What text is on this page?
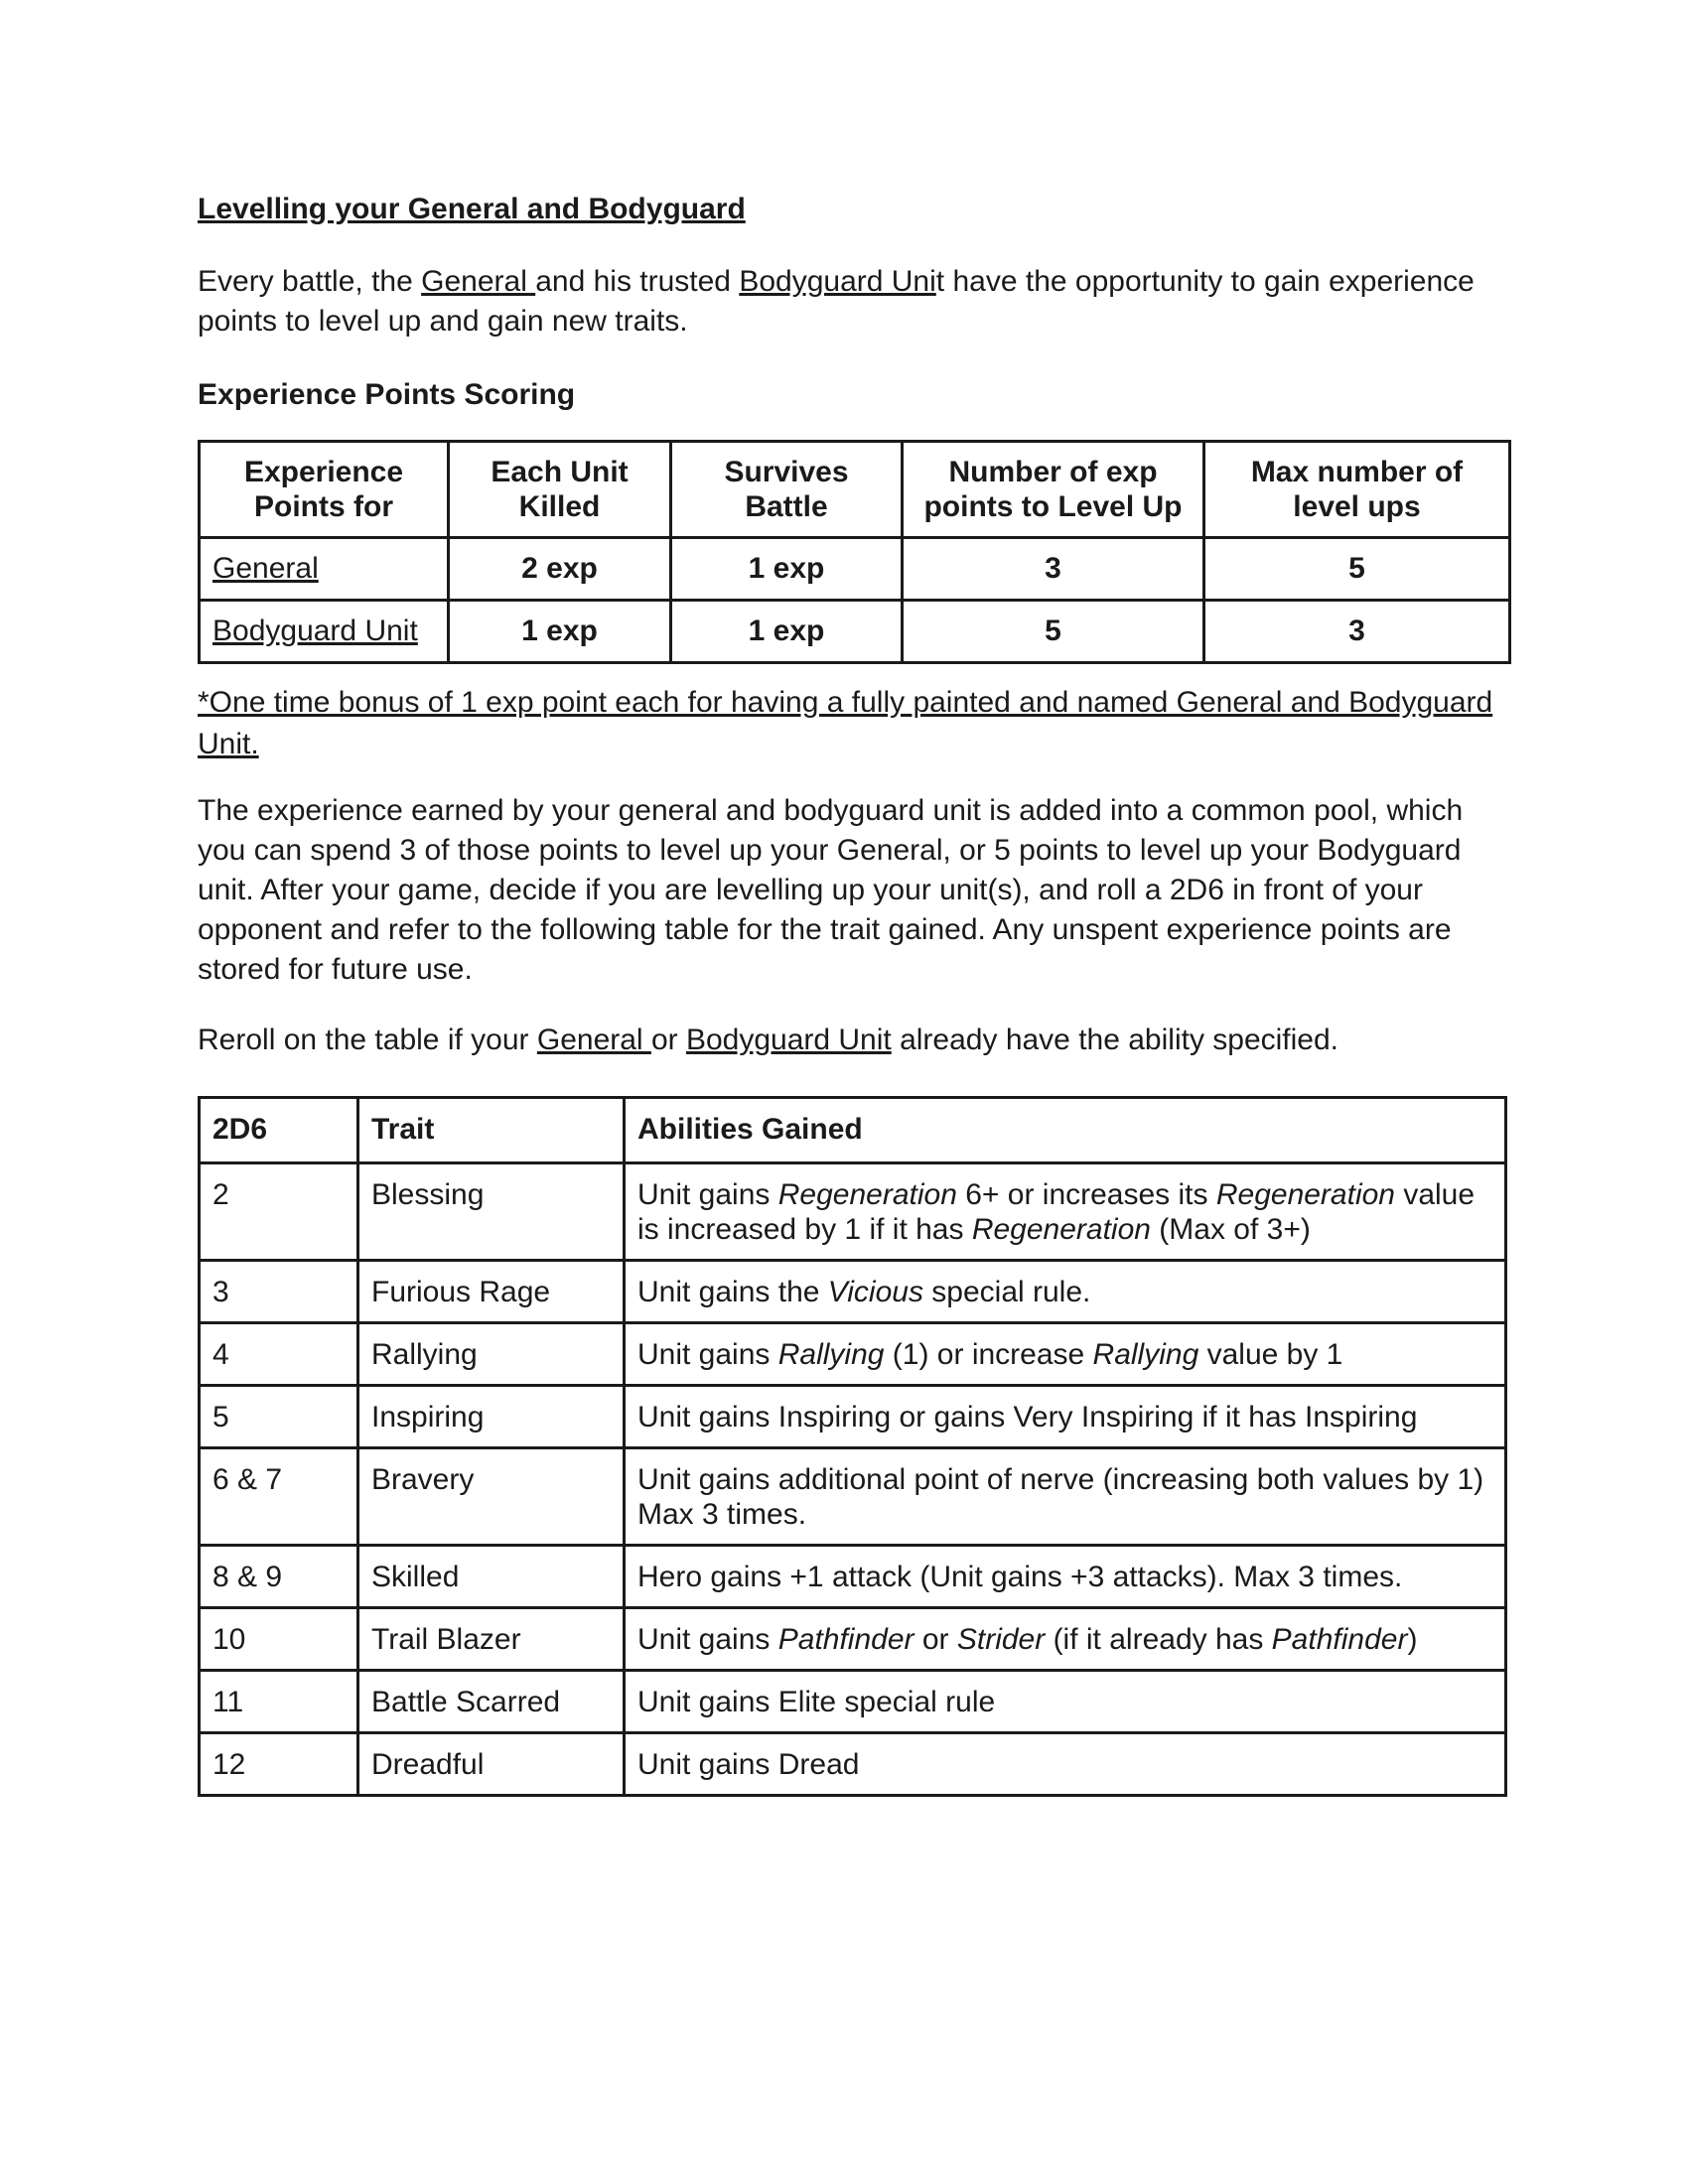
Levelling your General and Bodyguard

Every battle, the General and his trusted Bodyguard Unit have the opportunity to gain experience points to level up and gain new traits.

Experience Points Scoring

Experience Points for	Each Unit Killed	Survives Battle	Number of exp points to Level Up	Max number of level ups
General	2 exp	1 exp	3	5
Bodyguard Unit	1 exp	1 exp	5	3

*One time bonus of 1 exp point each for having a fully painted and named General and Bodyguard Unit.

The experience earned by your general and bodyguard unit is added into a common pool, which you can spend 3 of those points to level up your General, or 5 points to level up your Bodyguard unit. After your game, decide if you are levelling up your unit(s), and roll a 2D6 in front of your opponent and refer to the following table for the trait gained. Any unspent experience points are stored for future use.

Reroll on the table if your General or Bodyguard Unit already have the ability specified.

2D6	Trait	Abilities Gained
2	Blessing	Unit gains Regeneration 6+ or increases its Regeneration value is increased by 1 if it has Regeneration (Max of 3+)
3	Furious Rage	Unit gains the Vicious special rule.
4	Rallying	Unit gains Rallying (1) or increase Rallying value by 1
5	Inspiring	Unit gains Inspiring or gains Very Inspiring if it has Inspiring
6 & 7	Bravery	Unit gains additional point of nerve (increasing both values by 1)
Max 3 times.
8 & 9	Skilled	Hero gains +1 attack (Unit gains +3 attacks). Max 3 times.
10	Trail Blazer	Unit gains Pathfinder or Strider (if it already has Pathfinder)
11	Battle Scarred	Unit gains Elite special rule
12	Dreadful	Unit gains Dread
